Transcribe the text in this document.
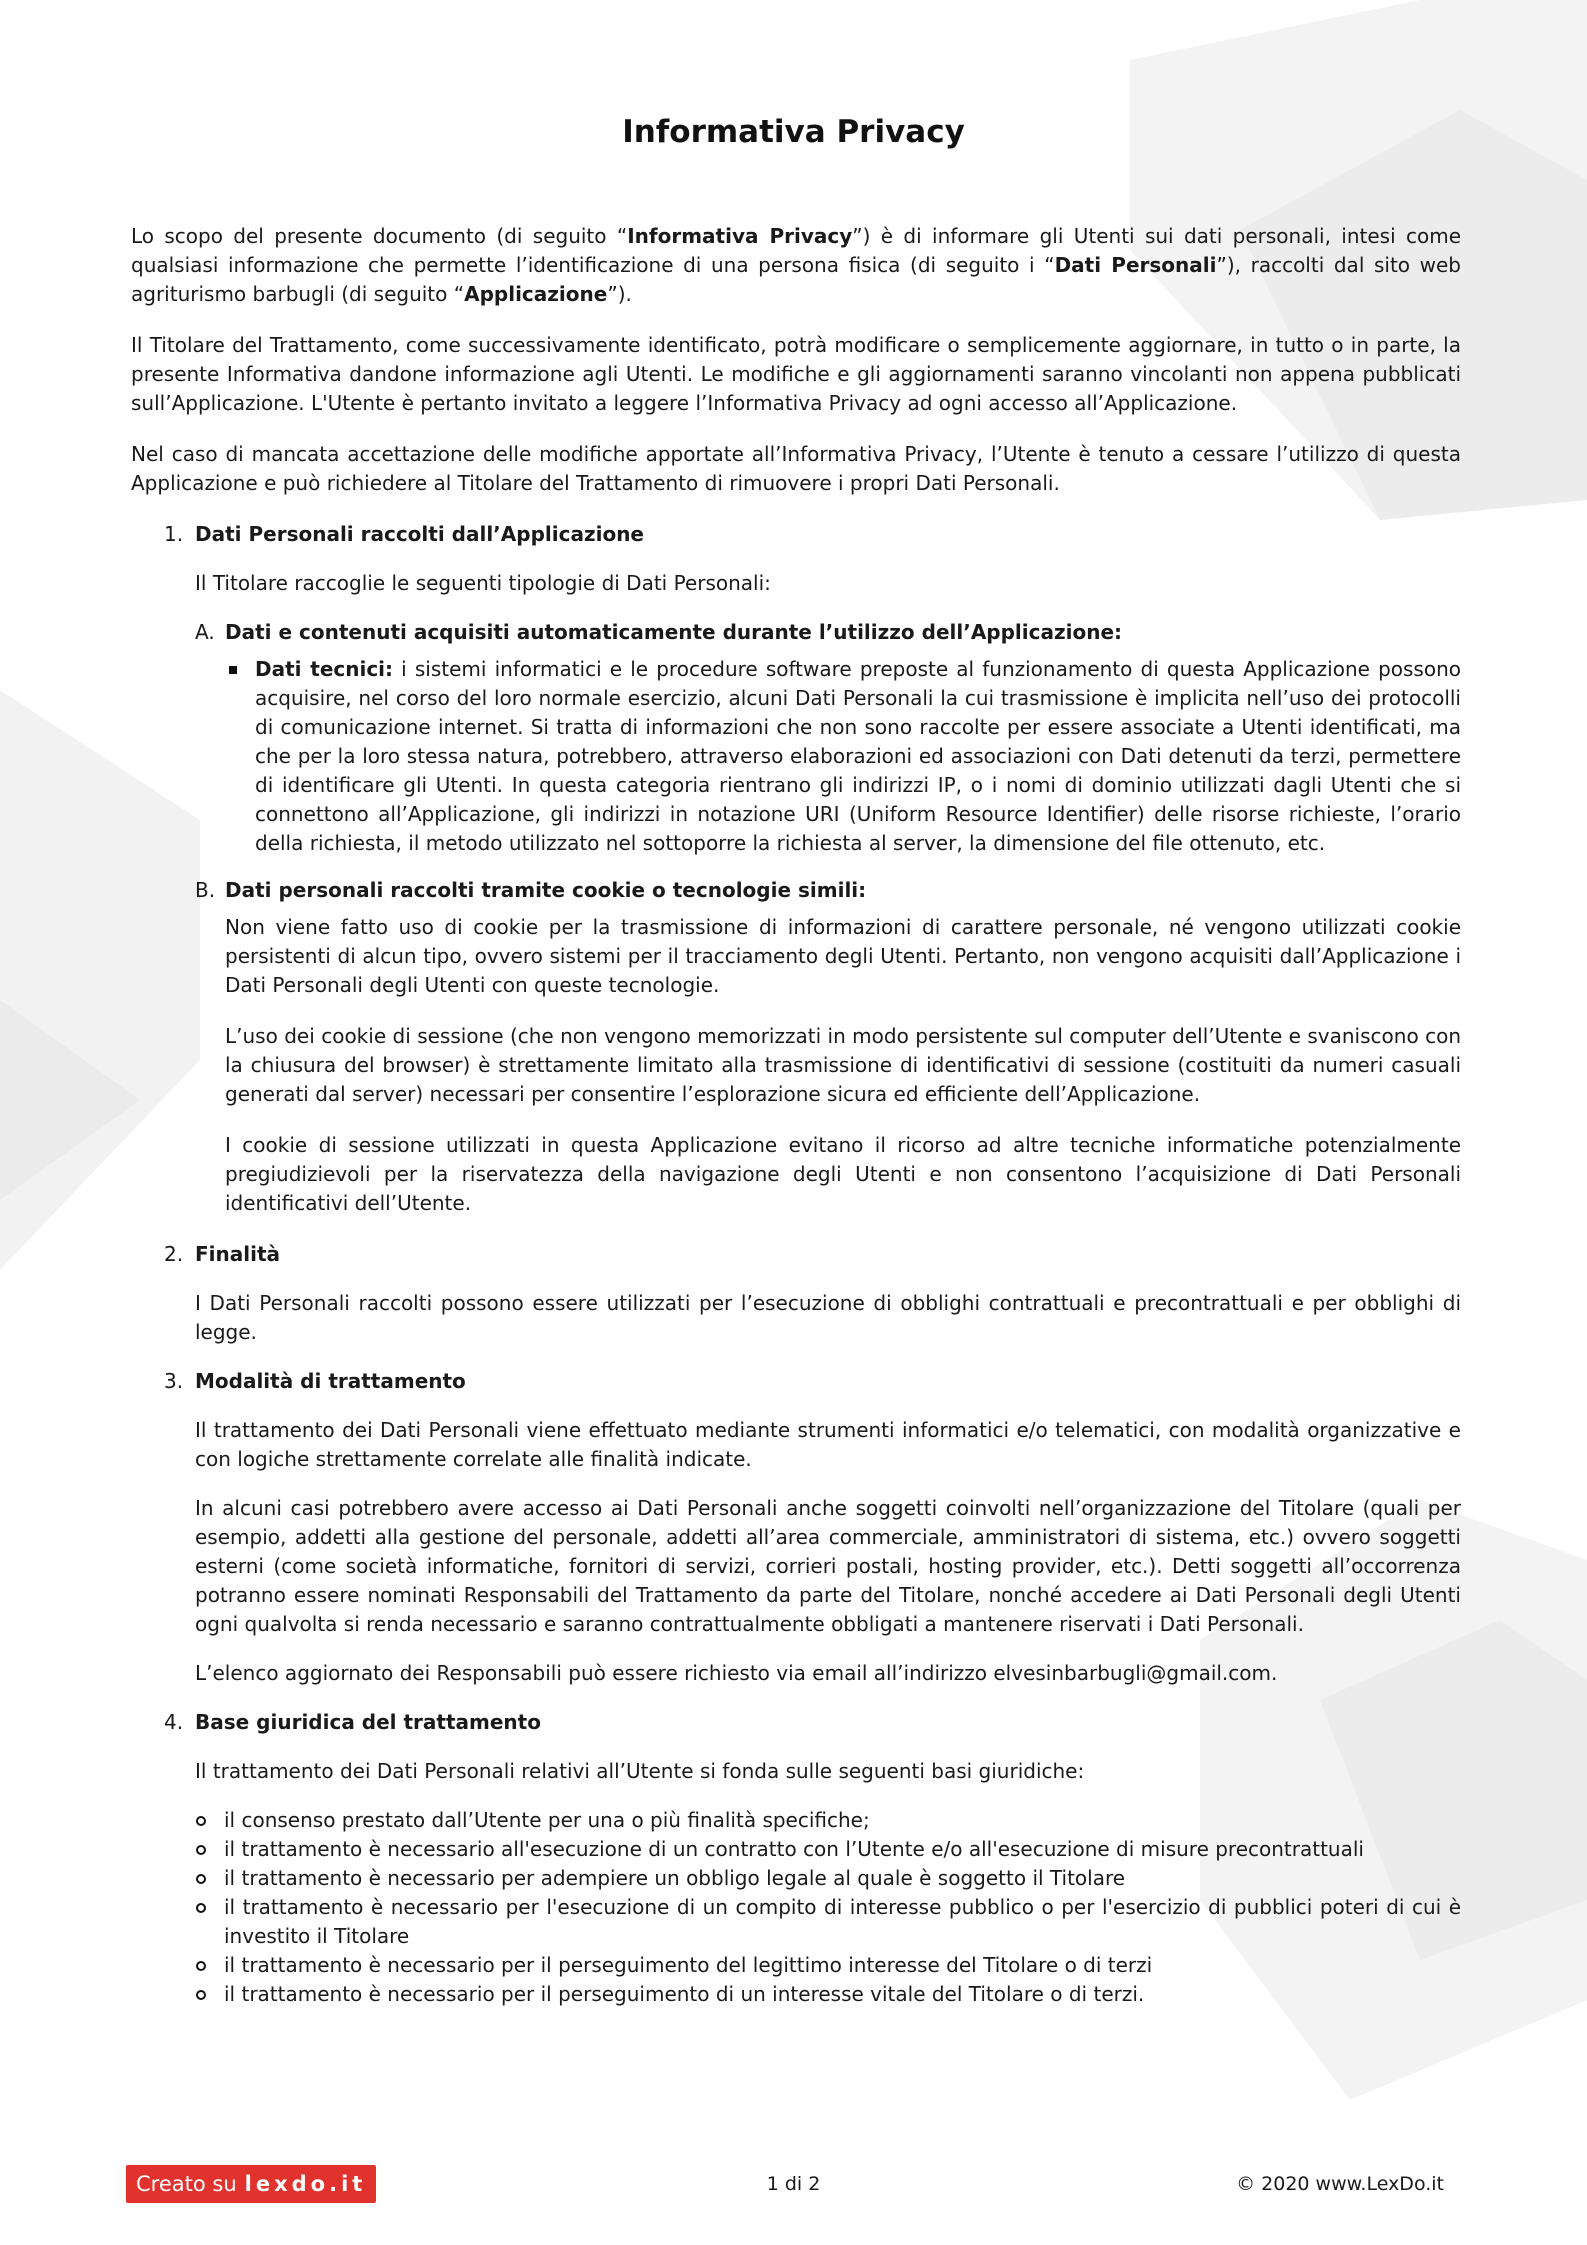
Informativa Privacy

Lo scopo del presente documento (di seguito “Informativa Privacy”) è di informare gli Utenti sui dati personali, intesi come qualsiasi informazione che permette l’identificazione di una persona fisica (di seguito i “Dati Personali”), raccolti dal sito web agriturismo barbugli (di seguito “Applicazione”).

Il Titolare del Trattamento, come successivamente identificato, potrà modificare o semplicemente aggiornare, in tutto o in parte, la presente Informativa dandone informazione agli Utenti. Le modifiche e gli aggiornamenti saranno vincolanti non appena pubblicati sull’Applicazione. L'Utente è pertanto invitato a leggere l’Informativa Privacy ad ogni accesso all’Applicazione.

Nel caso di mancata accettazione delle modifiche apportate all’Informativa Privacy, l’Utente è tenuto a cessare l’utilizzo di questa Applicazione e può richiedere al Titolare del Trattamento di rimuovere i propri Dati Personali.

1. Dati Personali raccolti dall’Applicazione

Il Titolare raccoglie le seguenti tipologie di Dati Personali:

A. Dati e contenuti acquisiti automaticamente durante l’utilizzo dell’Applicazione:

Dati tecnici: i sistemi informatici e le procedure software preposte al funzionamento di questa Applicazione possono acquisire, nel corso del loro normale esercizio, alcuni Dati Personali la cui trasmissione è implicita nell’uso dei protocolli di comunicazione internet. Si tratta di informazioni che non sono raccolte per essere associate a Utenti identificati, ma che per la loro stessa natura, potrebbero, attraverso elaborazioni ed associazioni con Dati detenuti da terzi, permettere di identificare gli Utenti. In questa categoria rientrano gli indirizzi IP, o i nomi di dominio utilizzati dagli Utenti che si connettono all’Applicazione, gli indirizzi in notazione URI (Uniform Resource Identifier) delle risorse richieste, l’orario della richiesta, il metodo utilizzato nel sottoporre la richiesta al server, la dimensione del file ottenuto, etc.

B. Dati personali raccolti tramite cookie o tecnologie simili:

Non viene fatto uso di cookie per la trasmissione di informazioni di carattere personale, né vengono utilizzati cookie persistenti di alcun tipo, ovvero sistemi per il tracciamento degli Utenti. Pertanto, non vengono acquisiti dall’Applicazione i Dati Personali degli Utenti con queste tecnologie.

L’uso dei cookie di sessione (che non vengono memorizzati in modo persistente sul computer dell’Utente e svaniscono con la chiusura del browser) è strettamente limitato alla trasmissione di identificativi di sessione (costituiti da numeri casuali generati dal server) necessari per consentire l’esplorazione sicura ed efficiente dell’Applicazione.

I cookie di sessione utilizzati in questa Applicazione evitano il ricorso ad altre tecniche informatiche potenzialmente pregiudizievoli per la riservatezza della navigazione degli Utenti e non consentono l’acquisizione di Dati Personali identificativi dell’Utente.

2. Finalità

I Dati Personali raccolti possono essere utilizzati per l’esecuzione di obblighi contrattuali e precontrattuali e per obblighi di legge.

3. Modalità di trattamento

Il trattamento dei Dati Personali viene effettuato mediante strumenti informatici e/o telematici, con modalità organizzative e con logiche strettamente correlate alle finalità indicate.

In alcuni casi potrebbero avere accesso ai Dati Personali anche soggetti coinvolti nell’organizzazione del Titolare (quali per esempio, addetti alla gestione del personale, addetti all’area commerciale, amministratori di sistema, etc.) ovvero soggetti esterni (come società informatiche, fornitori di servizi, corrieri postali, hosting provider, etc.). Detti soggetti all’occorrenza potranno essere nominati Responsabili del Trattamento da parte del Titolare, nonché accedere ai Dati Personali degli Utenti ogni qualvolta si renda necessario e saranno contrattualmente obbligati a mantenere riservati i Dati Personali.

L’elenco aggiornato dei Responsabili può essere richiesto via email all’indirizzo elvesinbarbugli@gmail.com.

4. Base giuridica del trattamento

Il trattamento dei Dati Personali relativi all’Utente si fonda sulle seguenti basi giuridiche:

il consenso prestato dall’Utente per una o più finalità specifiche;

il trattamento è necessario all'esecuzione di un contratto con l’Utente e/o all'esecuzione di misure precontrattuali

il trattamento è necessario per adempiere un obbligo legale al quale è soggetto il Titolare

il trattamento è necessario per l'esecuzione di un compito di interesse pubblico o per l'esercizio di pubblici poteri di cui è investito il Titolare

il trattamento è necessario per il perseguimento del legittimo interesse del Titolare o di terzi

il trattamento è necessario per il perseguimento di un interesse vitale del Titolare o di terzi.

Creato su lexdo.it	1 di 2	© 2020 www.LexDo.it
